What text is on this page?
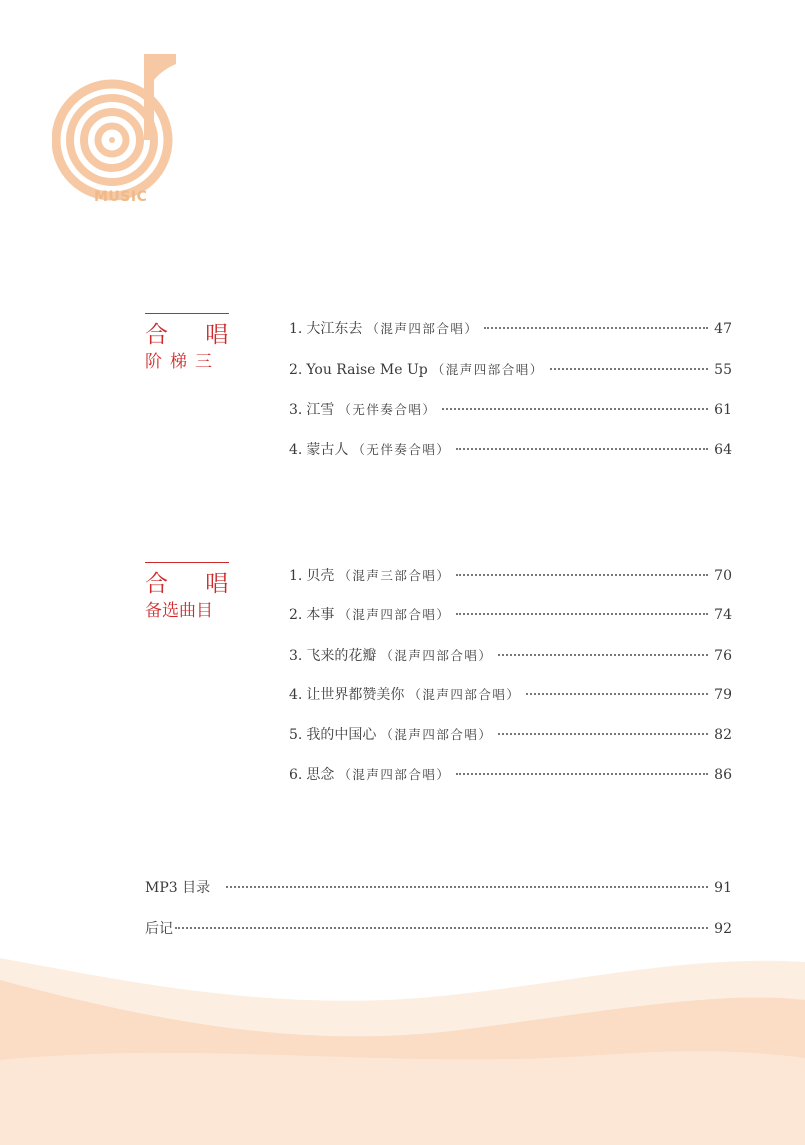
MUSIC
合 唱
阶梯三
1. 大江东去 （混声四部合唱）	47
2. You Raise Me Up （混声四部合唱）	55
3. 江雪 （无伴奏合唱）	61
4. 蒙古人 （无伴奏合唱）	64
合 唱
备选曲目
1. 贝壳 （混声三部合唱）	70
2. 本事 （混声四部合唱）	74
3. 飞来的花瓣 （混声四部合唱）	76
4. 让世界都赞美你 （混声四部合唱）	79
5. 我的中国心 （混声四部合唱）	82
6. 思念 （混声四部合唱）	86
MP3 目录	91
后记	92
